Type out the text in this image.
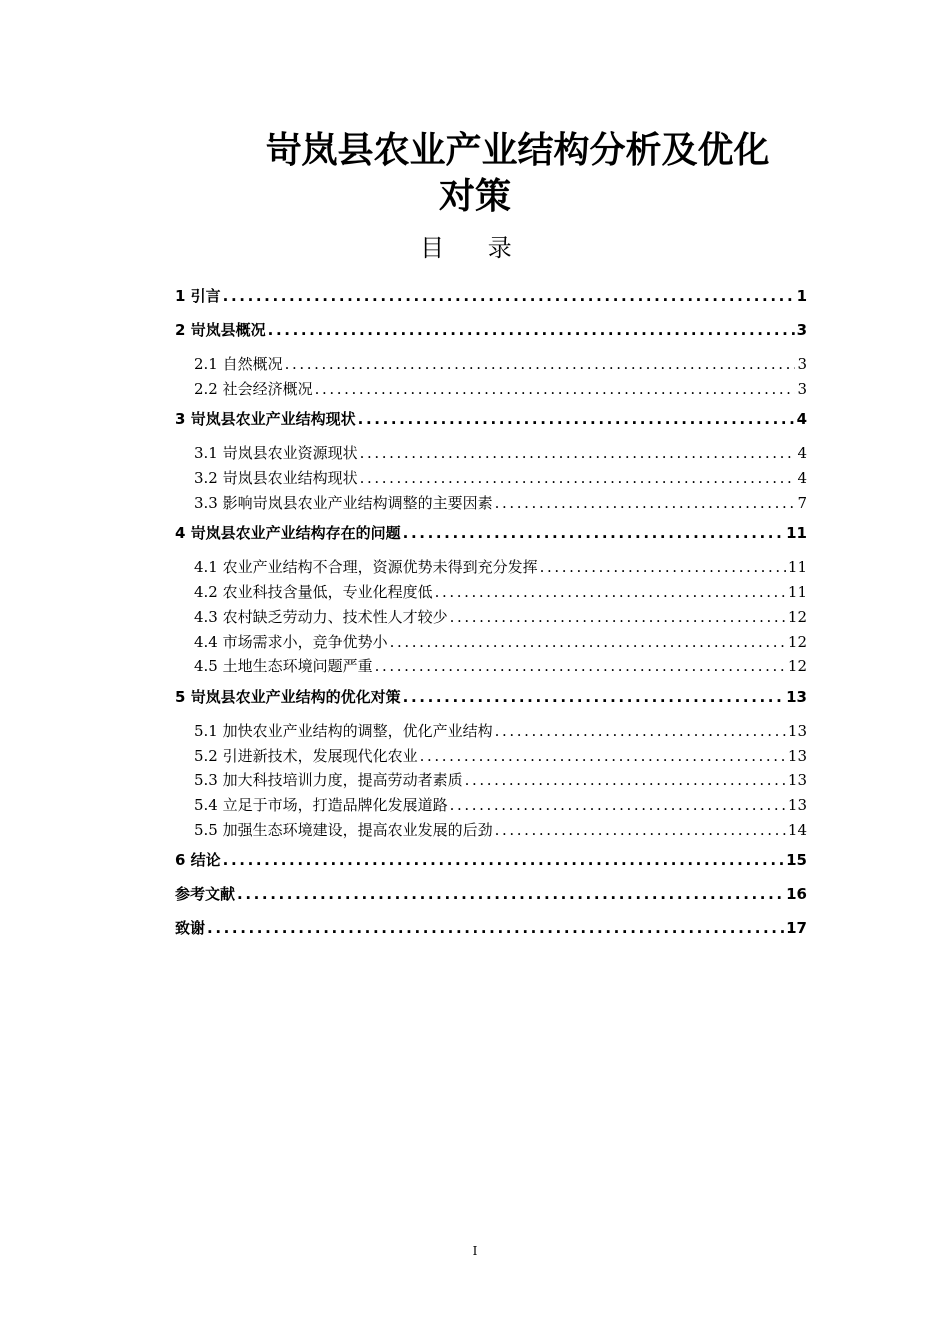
岢岚县农业产业结构分析及优化
对策
目 录
1 引言 .....	1
2 岢岚县概况 .....	3
2.1 自然概况 .....	3
2.2 社会经济概况 .....	3
3 岢岚县农业产业结构现状 .....	4
3.1 岢岚县农业资源现状 .....	4
3.2 岢岚县农业结构现状 .....	4
3.3 影响岢岚县农业产业结构调整的主要因素 .....	7
4 岢岚县农业产业结构存在的问题 .....	11
4.1 农业产业结构不合理，资源优势未得到充分发挥 .....	11
4.2 农业科技含量低，专业化程度低 .....	11
4.3 农村缺乏劳动力、技术性人才较少 .....	12
4.4 市场需求小，竞争优势小 .....	12
4.5 土地生态环境问题严重 .....	12
5 岢岚县农业产业结构的优化对策 .....	13
5.1 加快农业产业结构的调整，优化产业结构 .....	13
5.2 引进新技术，发展现代化农业 .....	13
5.3 加大科技培训力度，提高劳动者素质 .....	13
5.4 立足于市场，打造品牌化发展道路 .....	13
5.5 加强生态环境建设，提高农业发展的后劲 .....	14
6 结论 .....	15
参考文献 .....	16
致谢 .....	17
I
